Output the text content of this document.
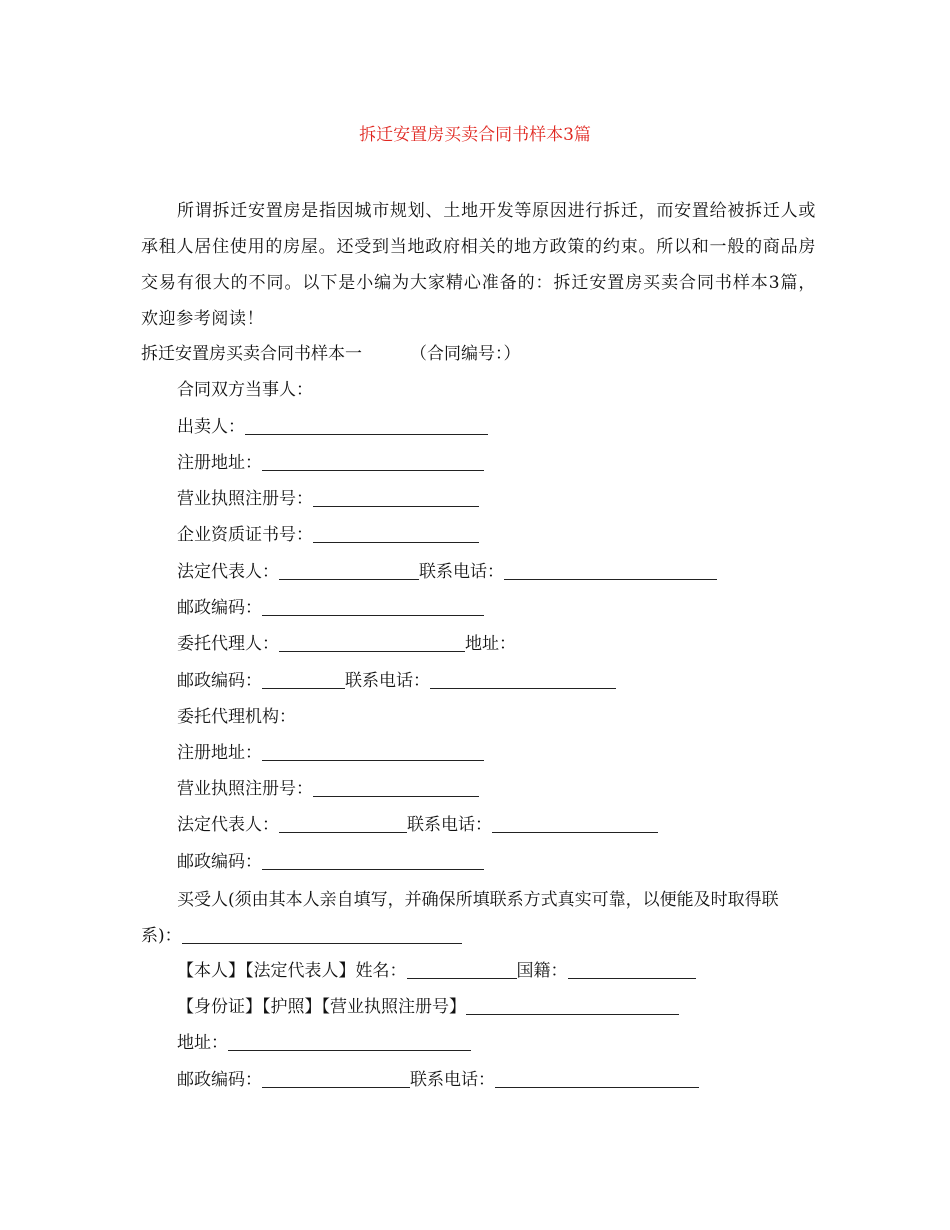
拆迁安置房买卖合同书样本3篇
所谓拆迁安置房是指因城市规划、土地开发等原因进行拆迁，而安置给被拆迁人或承租人居住使用的房屋。还受到当地政府相关的地方政策的约束。所以和一般的商品房交易有很大的不同。以下是小编为大家精心准备的：拆迁安置房买卖合同书样本3篇，欢迎参考阅读！
拆迁安置房买卖合同书样本一	（合同编号：）
合同双方当事人：
出卖人：
注册地址：
营业执照注册号：
企业资质证书号：
法定代表人：	联系电话：
邮政编码：
委托代理人：	地址：
邮政编码：	联系电话：
委托代理机构：
注册地址：
营业执照注册号：
法定代表人：	联系电话：
邮政编码：
买受人(须由其本人亲自填写，并确保所填联系方式真实可靠，以便能及时取得联系)：
【本人】【法定代表人】姓名：	国籍：
【身份证】【护照】【营业执照注册号】
地址：
邮政编码：	联系电话：
